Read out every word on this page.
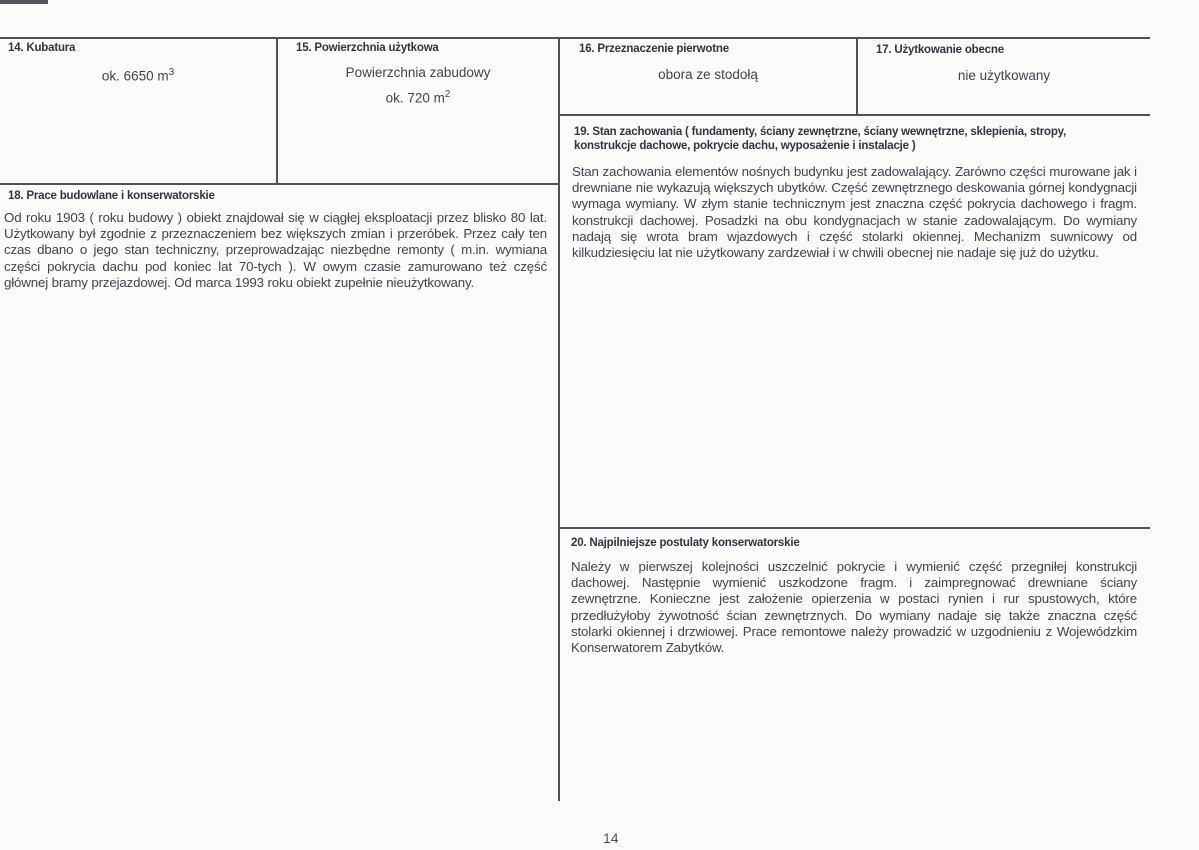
14. Kubatura
ok. 6650 $m^3$
15. Powierzchnia użytkowa
Powierzchnia zabudowy
ok. 720 $m^2$
16. Przeznaczenie pierwotne
obora ze stodołą
17. Użytkowanie obecne
nie użytkowany
18. Prace budowlane i konserwatorskie
Od roku 1903 ( roku budowy ) obiekt znajdował się w ciągłej eksploatacji przez blisko 80 lat. Użytkowany był zgodnie z przeznaczeniem bez większych zmian i przeróbek. Przez cały ten czas dbano o jego stan techniczny, przeprowadzając niezbędne remonty ( m.in. wymiana części pokrycia dachu pod koniec lat 70-tych ). W owym czasie zamurowano też część głównej bramy przejazdowej. Od marca 1993 roku obiekt zupełnie nieużytkowany.
19. Stan zachowania ( fundamenty, ściany zewnętrzne, ściany wewnętrzne, sklepienia, stropy,
konstrukcje dachowe, pokrycie dachu, wyposażenie i instalacje )
Stan zachowania elementów nośnych budynku jest zadowalający. Zarówno części murowane jak i drewniane nie wykazują większych ubytków. Część zewnętrznego deskowania górnej kondygnacji wymaga wymiany. W złym stanie technicznym jest znaczna część pokrycia dachowego i fragm. konstrukcji dachowej. Posadzki na obu kondygnacjach w stanie zadowalającym. Do wymiany nadają się wrota bram wjazdowych i część stolarki okiennej. Mechanizm suwnicowy od kilkudziesięciu lat nie użytkowany zardzewiał i w chwili obecnej nie nadaje się już do użytku.
20. Najpilniejsze postulaty konserwatorskie
Należy w pierwszej kolejności uszczelnić pokrycie i wymienić część przegniłej konstrukcji dachowej. Następnie wymienić uszkodzone fragm. i zaimpregnować drewniane ściany zewnętrzne. Konieczne jest założenie opierzenia w postaci rynien i rur spustowych, które przedłużyłoby żywotność ścian zewnętrznych. Do wymiany nadaje się także znaczna część stolarki okiennej i drzwiowej. Prace remontowe należy prowadzić w uzgodnieniu z Wojewódzkim Konserwatorem Zabytków.
14
